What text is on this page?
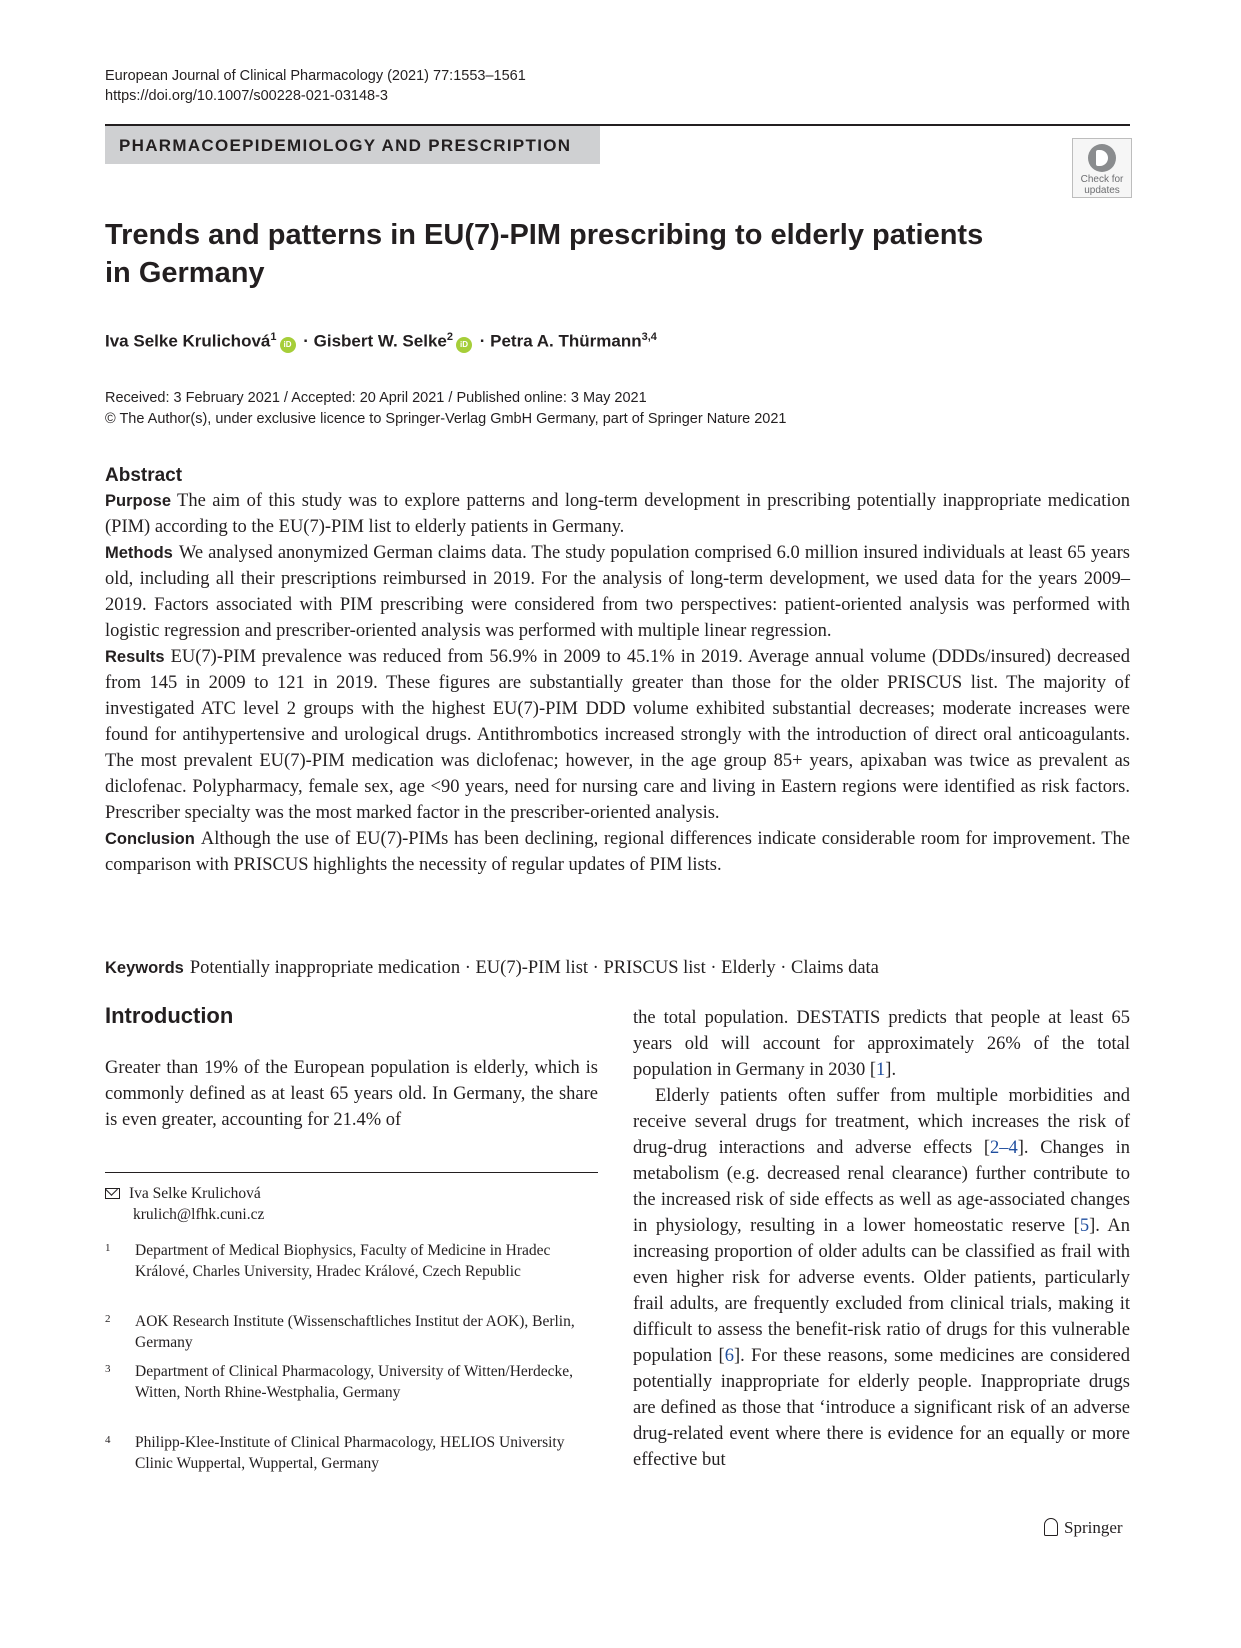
European Journal of Clinical Pharmacology (2021) 77:1553–1561
https://doi.org/10.1007/s00228-021-03148-3
PHARMACOEPIDEMIOLOGY AND PRESCRIPTION
Check for
updates
Trends and patterns in EU(7)-PIM prescribing to elderly patients in Germany
Iva Selke Krulichová$^1$iD · Gisbert W. Selke$^2$iD · Petra A. Thürmann$^{3,4}$
Received: 3 February 2021 / Accepted: 20 April 2021 / Published online: 3 May 2021
© The Author(s), under exclusive licence to Springer-Verlag GmbH Germany, part of Springer Nature 2021
Abstract

Purpose The aim of this study was to explore patterns and long-term development in prescribing potentially inappropriate medication (PIM) according to the EU(7)-PIM list to elderly patients in Germany.

Methods We analysed anonymized German claims data. The study population comprised 6.0 million insured individuals at least 65 years old, including all their prescriptions reimbursed in 2019. For the analysis of long-term development, we used data for the years 2009–2019. Factors associated with PIM prescribing were considered from two perspectives: patient-oriented analysis was performed with logistic regression and prescriber-oriented analysis was performed with multiple linear regression.

Results EU(7)-PIM prevalence was reduced from 56.9% in 2009 to 45.1% in 2019. Average annual volume (DDDs/insured) decreased from 145 in 2009 to 121 in 2019. These figures are substantially greater than those for the older PRISCUS list. The majority of investigated ATC level 2 groups with the highest EU(7)-PIM DDD volume exhibited substantial decreases; moderate increases were found for antihypertensive and urological drugs. Antithrombotics increased strongly with the introduction of direct oral anticoagulants. The most prevalent EU(7)-PIM medication was diclofenac; however, in the age group 85+ years, apixaban was twice as prevalent as diclofenac. Polypharmacy, female sex, age <90 years, need for nursing care and living in Eastern regions were identified as risk factors. Prescriber specialty was the most marked factor in the prescriber-oriented analysis.

Conclusion Although the use of EU(7)-PIMs has been declining, regional differences indicate considerable room for improvement. The comparison with PRISCUS highlights the necessity of regular updates of PIM lists.

Keywords Potentially inappropriate medication · EU(7)-PIM list · PRISCUS list · Elderly · Claims data
Introduction
Greater than 19% of the European population is elderly, which is commonly defined as at least 65 years old. In Germany, the share is even greater, accounting for 21.4% of
Iva Selke Krulichová
krulich@lfhk.cuni.cz
1 Department of Medical Biophysics, Faculty of Medicine in Hradec Králové, Charles University, Hradec Králové, Czech Republic
2 AOK Research Institute (Wissenschaftliches Institut der AOK), Berlin, Germany
3 Department of Clinical Pharmacology, University of Witten/Herdecke, Witten, North Rhine-Westphalia, Germany
4 Philipp-Klee-Institute of Clinical Pharmacology, HELIOS University Clinic Wuppertal, Wuppertal, Germany

the total population. DESTATIS predicts that people at least 65 years old will account for approximately 26% of the total population in Germany in 2030 [1].

Elderly patients often suffer from multiple morbidities and receive several drugs for treatment, which increases the risk of drug-drug interactions and adverse effects [2–4]. Changes in metabolism (e.g. decreased renal clearance) further contribute to the increased risk of side effects as well as age-associated changes in physiology, resulting in a lower homeostatic reserve [5]. An increasing proportion of older adults can be classified as frail with even higher risk for adverse events. Older patients, particularly frail adults, are frequently excluded from clinical trials, making it difficult to assess the benefit-risk ratio of drugs for this vulnerable population [6]. For these reasons, some medicines are considered potentially inappropriate for elderly people. Inappropriate drugs are defined as those that ‘introduce a significant risk of an adverse drug-related event where there is evidence for an equally or more effective but

Springer
